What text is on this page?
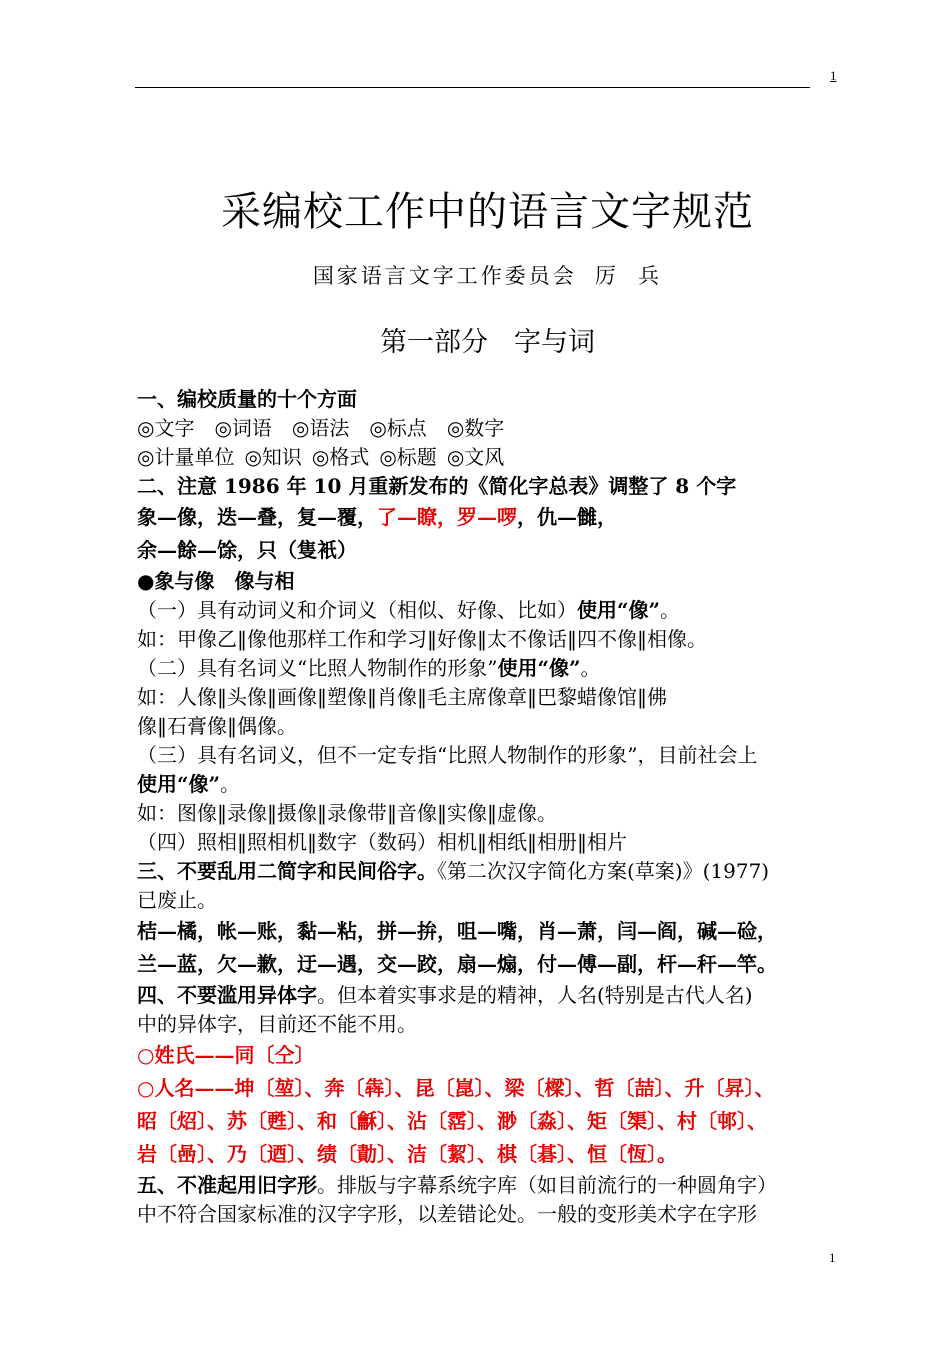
1
采编校工作中的语言文字规范
国家语言文字工作委员会 厉  兵
第一部分 字与词
一、编校质量的十个方面
◎文字 ◎词语 ◎语法 ◎标点 ◎数字
◎计量单位 ◎知识 ◎格式 ◎标题 ◎文风
二、注意 1986 年 10 月重新发布的《简化字总表》调整了 8 个字
象—像，迭—叠，复—覆，了—瞭，罗—啰，仇—雠，
余—餘—馀，只（隻衹）
●象与像　像与相
（一）具有动词义和介词义（相似、好像、比如）使用“像”。
如：甲像乙‖像他那样工作和学习‖好像‖太不像话‖四不像‖相像。
（二）具有名词义“比照人物制作的形象”使用“像”。
如：人像‖头像‖画像‖塑像‖肖像‖毛主席像章‖巴黎蜡像馆‖佛
像‖石膏像‖偶像。
（三）具有名词义，但不一定专指“比照人物制作的形象”，目前社会上
使用“像”。
如：图像‖录像‖摄像‖录像带‖音像‖实像‖虚像。
（四）照相‖照相机‖数字（数码）相机‖相纸‖相册‖相片
三、不要乱用二简字和民间俗字。《第二次汉字简化方案(草案)》(1977)
已废止。
桔—橘，帐—账，黏—粘，拼—拚，咀—嘴，肖—萧，闫—阎，碱—硷，
兰—蓝，欠—歉，迂—遇，交—跤，扇—煽，付—傅—副，杆—秆—竿。
四、不要滥用异体字。但本着实事求是的精神，人名(特别是古代人名)
中的异体字，目前还不能不用。
○姓氏——同〔仝〕
○人名——坤〔堃〕、奔〔犇〕、昆〔崑〕、梁〔樑〕、哲〔喆〕、升〔昇〕、
昭〔炤〕、苏〔甦〕、和〔龢〕、沾〔霑〕、渺〔淼〕、矩〔榘〕、村〔邨〕、
岩〔喦〕、乃〔迺〕、绩〔勣〕、洁〔絜〕、棋〔碁〕、恒〔恆〕。
五、不准起用旧字形。排版与字幕系统字库（如目前流行的一种圆角字）
中不符合国家标准的汉字字形，以差错论处。一般的变形美术字在字形
1
